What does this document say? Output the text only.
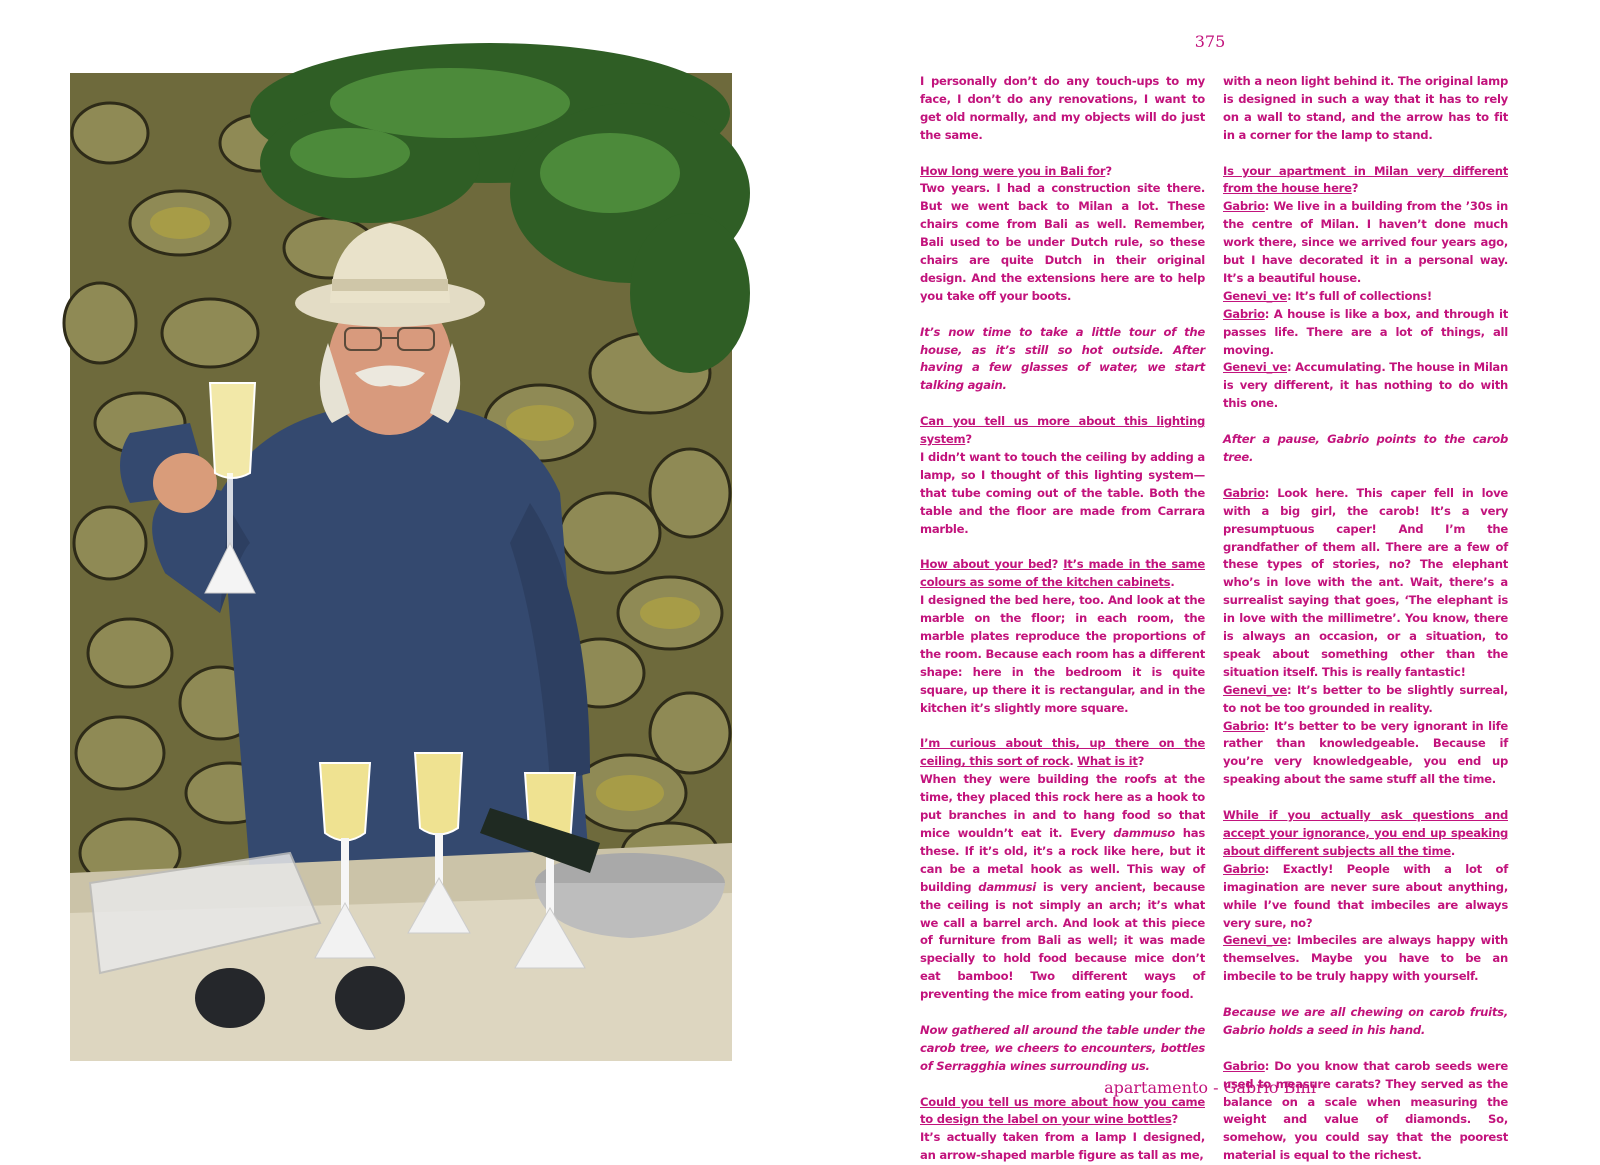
375

I personally don’t do any touch-ups to my face, I don’t do any renovations, I want to get old normally, and my objects will do just the same.

How long were you in Bali for?
Two years. I had a construction site there. But we went back to Milan a lot. These chairs come from Bali as well. Remember, Bali used to be under Dutch rule, so these chairs are quite Dutch in their original design. And the extensions here are to help you take off your boots.

It’s now time to take a little tour of the house, as it’s still so hot outside. After having a few glasses of water, we start talking again.

Can you tell us more about this lighting system?
I didn’t want to touch the ceiling by adding a lamp, so I thought of this lighting system—that tube coming out of the table. Both the table and the floor are made from Carrara marble.

How about your bed? It’s made in the same colours as some of the kitchen cabinets.
I designed the bed here, too. And look at the marble on the floor; in each room, the marble plates reproduce the proportions of the room. Because each room has a different shape: here in the bedroom it is quite square, up there it is rectangular, and in the kitchen it’s slightly more square.

I’m curious about this, up there on the ceiling, this sort of rock. What is it?
When they were building the roofs at the time, they placed this rock here as a hook to put branches in and to hang food so that mice wouldn’t eat it. Every dammuso has these. If it’s old, it’s a rock like here, but it can be a metal hook as well. This way of building dammusi is very ancient, because the ceiling is not simply an arch; it’s what we call a barrel arch. And look at this piece of furniture from Bali as well; it was made specially to hold food because mice don’t eat bamboo! Two different ways of preventing the mice from eating your food.

Now gathered all around the table under the carob tree, we cheers to encounters, bottles of Serragghia wines surrounding us.

Could you tell us more about how you came to design the label on your wine bottles?
It’s actually taken from a lamp I designed, an arrow-shaped marble figure as tall as me,

with a neon light behind it. The original lamp is designed in such a way that it has to rely on a wall to stand, and the arrow has to fit in a corner for the lamp to stand.

Is your apartment in Milan very different from the house here?
Gabrio: We live in a building from the ’30s in the centre of Milan. I haven’t done much work there, since we arrived four years ago, but I have decorated it in a personal way. It’s a beautiful house.
Genevi_ve: It’s full of collections!
Gabrio: A house is like a box, and through it passes life. There are a lot of things, all moving.
Genevi_ve: Accumulating. The house in Milan is very different, it has nothing to do with this one.

After a pause, Gabrio points to the carob tree.

Gabrio: Look here. This caper fell in love with a big girl, the carob! It’s a very presumptuous caper! And I’m the grandfather of them all. There are a few of these types of stories, no? The elephant who’s in love with the ant. Wait, there’s a surrealist saying that goes, ‘The elephant is in love with the millimetre’. You know, there is always an occasion, or a situation, to speak about something other than the situation itself. This is really fantastic!
Genevi_ve: It’s better to be slightly surreal, to not be too grounded in reality.
Gabrio: It’s better to be very ignorant in life rather than knowledgeable. Because if you’re very knowledgeable, you end up speaking about the same stuff all the time.

While if you actually ask questions and accept your ignorance, you end up speaking about different subjects all the time.
Gabrio: Exactly! People with a lot of imagination are never sure about anything, while I’ve found that imbeciles are always very sure, no?
Genevi_ve: Imbeciles are always happy with themselves. Maybe you have to be an imbecile to be truly happy with yourself.

Because we are all chewing on carob fruits, Gabrio holds a seed in his hand.

Gabrio: Do you know that carob seeds were used to measure carats? They served as the balance on a scale when measuring the weight and value of diamonds. So, somehow, you could say that the poorest material is equal to the richest.

apartamento - Gabrio Bini
